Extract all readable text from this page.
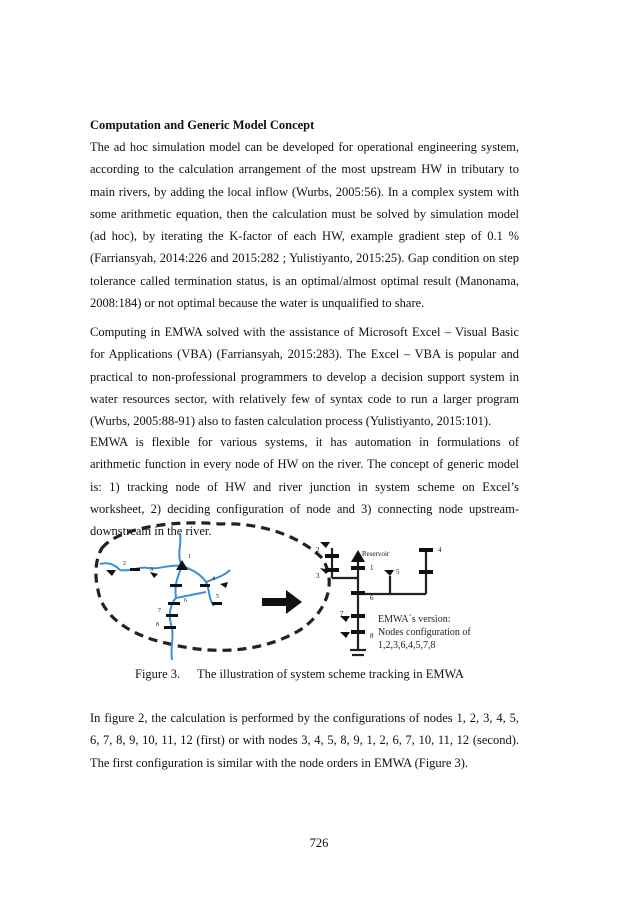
Computation and Generic Model Concept

The ad hoc simulation model can be developed for operational engineering system, according to the calculation arrangement of the most upstream HW in tributary to main rivers, by adding the local inflow (Wurbs, 2005:56). In a complex system with some arithmetic equation, then the calculation must be solved by simulation model (ad hoc), by iterating the K-factor of each HW, example gradient step of 0.1 % (Farriansyah, 2014:226 and 2015:282 ; Yulistiyanto, 2015:25). Gap condition on step tolerance called termination status, is an optimal/almost optimal result (Manonama, 2008:184) or not optimal because the water is unqualified to share.

Computing in EMWA solved with the assistance of Microsoft Excel – Visual Basic for Applications (VBA) (Farriansyah, 2015:283). The Excel – VBA is popular and practical to non-professional programmers to develop a decision support system in water resources sector, with relatively few of syntax code to run a larger program (Wurbs, 2005:88-91) also to fasten calculation process (Yulistiyanto, 2015:101).

EMWA is flexible for various systems, it has automation in formulations of arithmetic function in every node of HW on the river. The concept of generic model is: 1) tracking node of HW and river junction in system scheme on Excel’s worksheet, 2) deciding configuration of node and 3) connecting node upstream-downstream in the river.

2
3
1
4
5
6
7
8
Reservoir
2
3
1
4
5
6
7
8
EMWA´s version:
Nodes configuration of
1,2,3,6,4,5,7,8
Figure 3. The illustration of system scheme tracking in EMWA

In figure 2, the calculation is performed by the configurations of nodes 1, 2, 3, 4, 5, 6, 7, 8, 9, 10, 11, 12 (first) or with nodes 3, 4, 5, 8, 9, 1, 2, 6, 7, 10, 11, 12 (second). The first configuration is similar with the node orders in EMWA (Figure 3).

726
